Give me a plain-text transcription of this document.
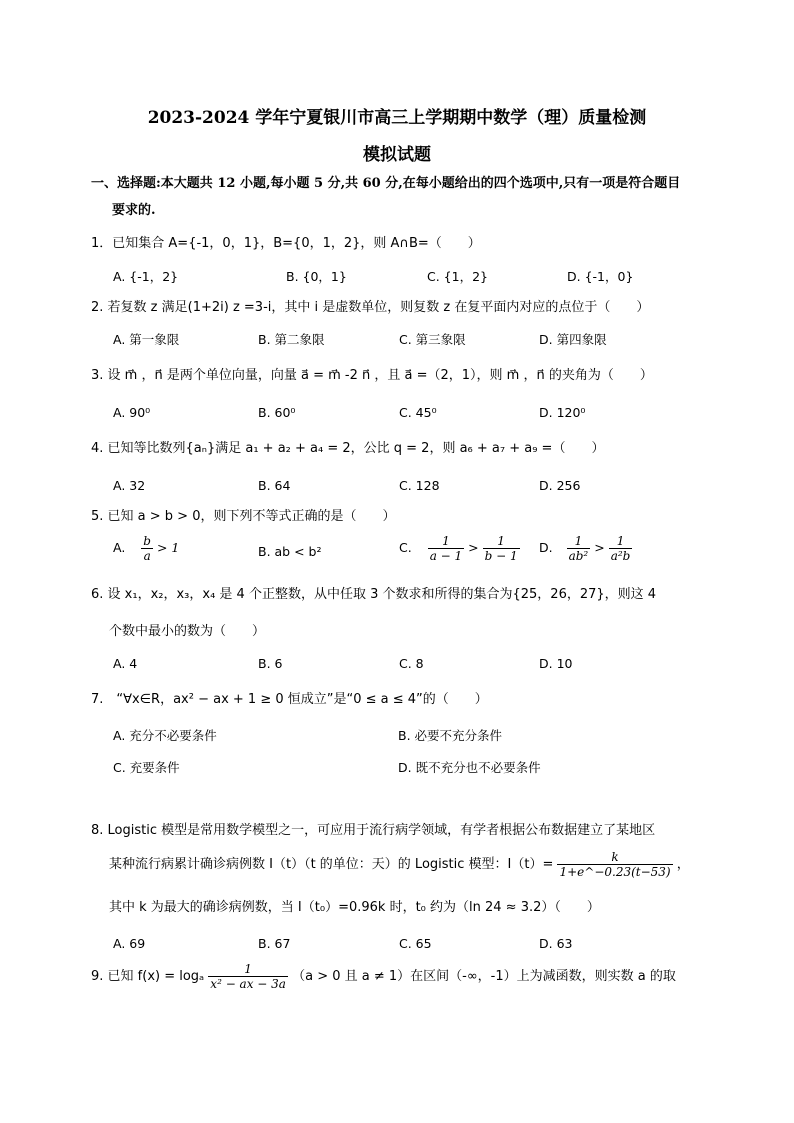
2023-2024 学年宁夏银川市高三上学期期中数学（理）质量检测
模拟试题
一、选择题:本大题共 12 小题,每小题 5 分,共 60 分,在每小题给出的四个选项中,只有一项是符合题目
要求的.
1．已知集合 A={-1，0，1}，B={0，1，2}，则 A∩B=（　　）
A. {-1，2}	B. {0，1}	C. {1，2}	D. {-1，0}
2. 若复数 z 满足(1+2i) z =3-i，其中 i 是虚数单位，则复数 z 在复平面内对应的点位于（　　）
A. 第一象限	B. 第二象限	C. 第三象限	D. 第四象限
3. 设 m⃗ ，n⃗ 是两个单位向量，向量 a⃗ = m⃗ -2 n⃗ ，且 a⃗ =（2，1），则 m⃗ ，n⃗ 的夹角为（　　）
A. 90⁰	B. 60⁰	C. 45⁰	D. 120⁰
4. 已知等比数列{aₙ}满足 a₁ + a₂ + a₄ = 2，公比 q = 2，则 a₆ + a₇ + a₉ =（　　）
A. 32	B. 64	C. 128	D. 256
5. 已知 a > b > 0，则下列不等式正确的是（　　）
A. $\frac{b}{a} > 1$	B. ab < b²	C. $\frac{1}{a - 1} > \frac{1}{b - 1} D$. $\frac{1}{\text{ab²}} > \frac{1}{\text{a²b}}$
6. 设 x₁，x₂，x₃，x₄ 是 4 个正整数，从中任取 3 个数求和所得的集合为{25，26，27}，则这 4
个数中最小的数为（　　）
A. 4	B. 6	C. 8	D. 10
7.　“∀x∈R，ax² − ax + 1 ≥ 0 恒成立”是“0 ≤ a ≤ 4”的（　　）
A. 充分不必要条件	B. 必要不充分条件
C. 充要条件	D. 既不充分也不必要条件
8. Logistic 模型是常用数学模型之一，可应用于流行病学领域，有学者根据公布数据建立了某地区
某种流行病累计确诊病例数 I（t）（t 的单位：天）的 Logistic 模型：$I(t)= \frac{k}{1+e\^{}-0.23(t-53)}$ ，
其中 k 为最大的确诊病例数，当 I（t₀）=0.96k 时，t₀ 约为（ln 24 ≈ 3.2）（　　）
A. 69	B. 67	C. 65	D. 63
9. 已知 f(x) = logₐ $\frac{1}{\text{x² − ax − 3a}} (a > 0$ 且 a ≠ 1）在区间（-∞，-1）上为减函数，则实数 a 的取
